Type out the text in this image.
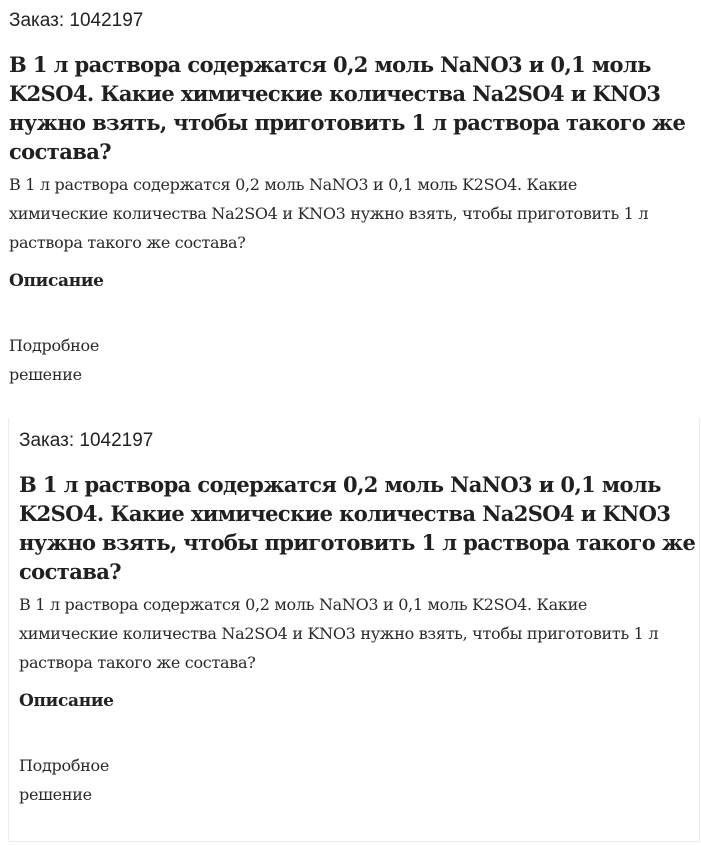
Заказ: 1042197
В 1 л раствора содержатся 0,2 моль NaNO3 и 0,1 моль K2SO4. Какие химические количества Na2SO4 и KNO3 нужно взять, чтобы приготовить 1 л раствора такого же состава?

В 1 л раствора содержатся 0,2 моль NaNO3 и 0,1 моль K2SO4. Какие химические количества Na2SO4 и KNO3 нужно взять, чтобы приготовить 1 л раствора такого же состава?

Описание
Подробное решение
Заказ: 1042197
В 1 л раствора содержатся 0,2 моль NaNO3 и 0,1 моль K2SO4. Какие химические количества Na2SO4 и KNO3 нужно взять, чтобы приготовить 1 л раствора такого же состава?

В 1 л раствора содержатся 0,2 моль NaNO3 и 0,1 моль K2SO4. Какие химические количества Na2SO4 и KNO3 нужно взять, чтобы приготовить 1 л раствора такого же состава?

Описание
Подробное решение
